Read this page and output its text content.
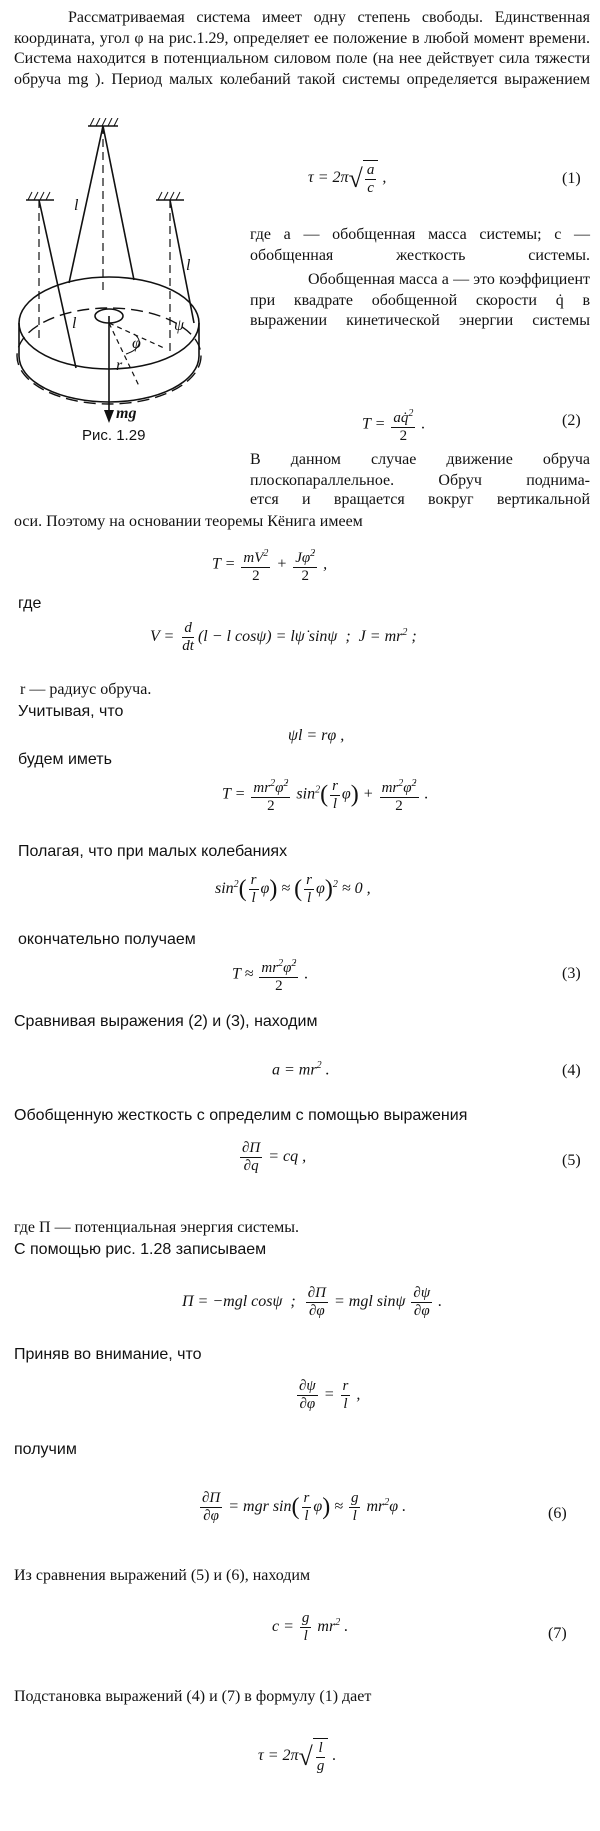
Рассматриваемая система имеет одну степень свободы. Единственная координата, угол φ на рис.1.29, определяет ее положение в любой момент времени. Система находится в потенциальном силовом поле (на нее действует сила тяжести обруча mg ). Период малых колебаний такой системы определяется выражением
τ = 2π √ $\frac{a}{c}$ ,	(1)
l
l
l
r
φ
ψ
mg
Рис. 1.29
где a — обобщенная масса системы; c — обобщенная жесткость системы.
Обобщенная масса a — это коэффициент при квадрате обобщенной скорости q̇ в выражении кинетической энергии системы
$T = \frac{aq̇^2}{2}$ .	(2)
В данном случае движение обруча плоскопараллельное. Обруч поднима-
ется и вращается вокруг вертикальной
оси. Поэтому на основании теоремы Кёнига имеем
$T = \frac{mV^2}{2} + \frac{J\varphi̇^2}{2}$ ,
где
$V = \frac{d}{dt} (l - l$ cosψ) = lψ̇ sinψ  ;  $J = mr^2$ ;
r — радиус обруча.
Учитывая, что
ψl = rφ ,
будем иметь
$T = \frac{mr^2\varphi̇^2}{2} \sin^2( \frac{r}{l} \varphi) + \frac{mr^2\varphi̇^2}{2}$ .
Полагая, что при малых колебаниях
$\sin^2( \frac{r}{l} \varphi)$ ≈ ( $\frac{r}{l} \varphi)^2 \approx 0$ ,
окончательно получаем
$T \approx \frac{mr^2\varphi̇^2}{2}$ .	(3)
Сравнивая выражения (2) и (3), находим
$a = mr^2$ .	(4)
Обобщенную жесткость c определим с помощью выражения
$\frac{\partial\Pi}{\partial q}$ = cq ,	(5)
где Π — потенциальная энергия системы.
С помощью рис. 1.28 записываем
Π = −mgl cosψ  ; $\frac{\partial\Pi}{\partial\varphi}$ = mgl sinψ $\frac{\partial\psi}{\partial\varphi}$ .
Приняв во внимание, что
$\frac{\partial\psi}{\partial\varphi} = \frac{r}{l}$ ,
получим
$\frac{\partial\Pi}{\partial\varphi}$ = mgr $\sin( \frac{r}{l} \varphi) \approx \frac{g}{l} mr^2\varphi$ .	(6)
Из сравнения выражений (5) и (6), находим
$c = \frac{g}{l} mr^2$ .	(7)
Подстановка выражений (4) и (7) в формулу (1) дает
τ = 2π √ $\frac{l}{g}$ .
